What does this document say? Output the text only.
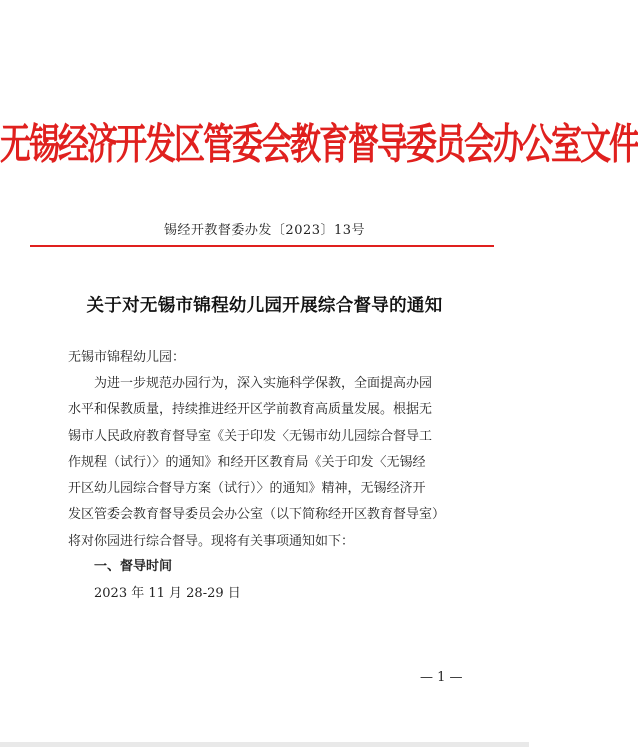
无锡经济开发区管委会教育督导委员会办公室文件
锡经开教督委办发〔2023〕13号
关于对无锡市锦程幼儿园开展综合督导的通知
无锡市锦程幼儿园：
为进一步规范办园行为，深入实施科学保教，全面提高办园
水平和保教质量，持续推进经开区学前教育高质量发展。根据无
锡市人民政府教育督导室《关于印发〈无锡市幼儿园综合督导工
作规程（试行）〉的通知》和经开区教育局《关于印发〈无锡经
开区幼儿园综合督导方案（试行）〉的通知》精神，无锡经济开
发区管委会教育督导委员会办公室（以下简称经开区教育督导室）
将对你园进行综合督导。现将有关事项通知如下：
一、督导时间
2023 年 11 月 28-29 日
— 1 —
